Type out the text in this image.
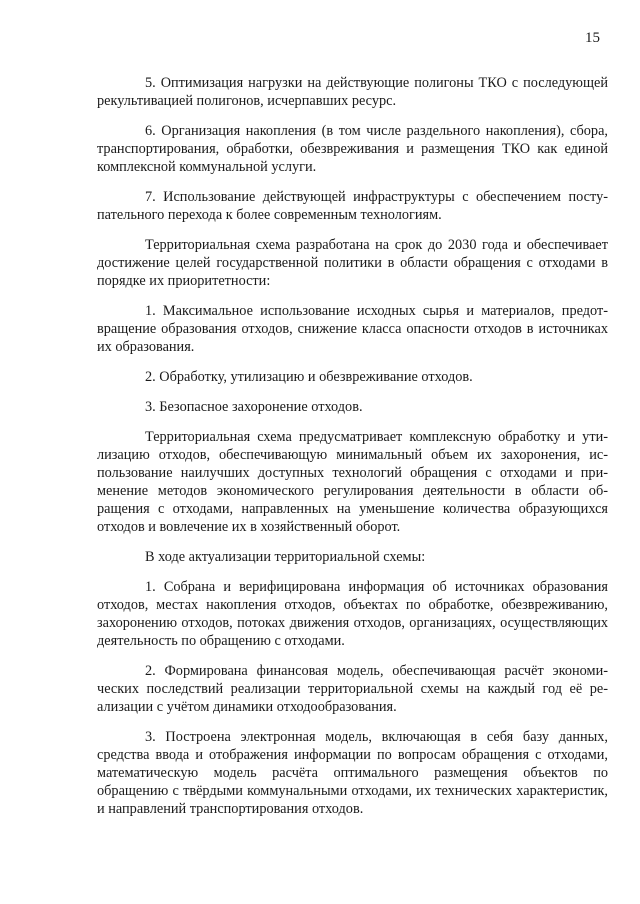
15

5. Оптимизация нагрузки на действующие полигоны ТКО с последующей рекультивацией полигонов, исчерпавших ресурс.

6. Организация накопления (в том числе раздельного накопления), сбора, транспортирования, обработки, обезвреживания и размещения ТКО как единой комплексной коммунальной услуги.

7. Использование действующей инфраструктуры с обеспечением поступательного перехода к более современным технологиям.

Территориальная схема разработана на срок до 2030 года и обеспечивает достижение целей государственной политики в области обращения с отходами в порядке их приоритетности:

1. Максимальное использование исходных сырья и материалов, предотвращение образования отходов, снижение класса опасности отходов в источниках их образования.

2. Обработку, утилизацию и обезвреживание отходов.

3. Безопасное захоронение отходов.

Территориальная схема предусматривает комплексную обработку и утилизацию отходов, обеспечивающую минимальный объем их захоронения, использование наилучших доступных технологий обращения с отходами и применение методов экономического регулирования деятельности в области обращения с отходами, направленных на уменьшение количества образующихся отходов и вовлечение их в хозяйственный оборот.

В ходе актуализации территориальной схемы:

1. Собрана и верифицирована информация об источниках образования отходов, местах накопления отходов, объектах по обработке, обезвреживанию, захоронению отходов, потоках движения отходов, организациях, осуществляющих деятельность по обращению с отходами.

2. Формирована финансовая модель, обеспечивающая расчёт экономических последствий реализации территориальной схемы на каждый год её реализации с учётом динамики отходообразования.

3. Построена электронная модель, включающая в себя базу данных, средства ввода и отображения информации по вопросам обращения с отходами, математическую модель расчёта оптимального размещения объектов по обращению с твёрдыми коммунальными отходами, их технических характеристик, и направлений транспортирования отходов.
